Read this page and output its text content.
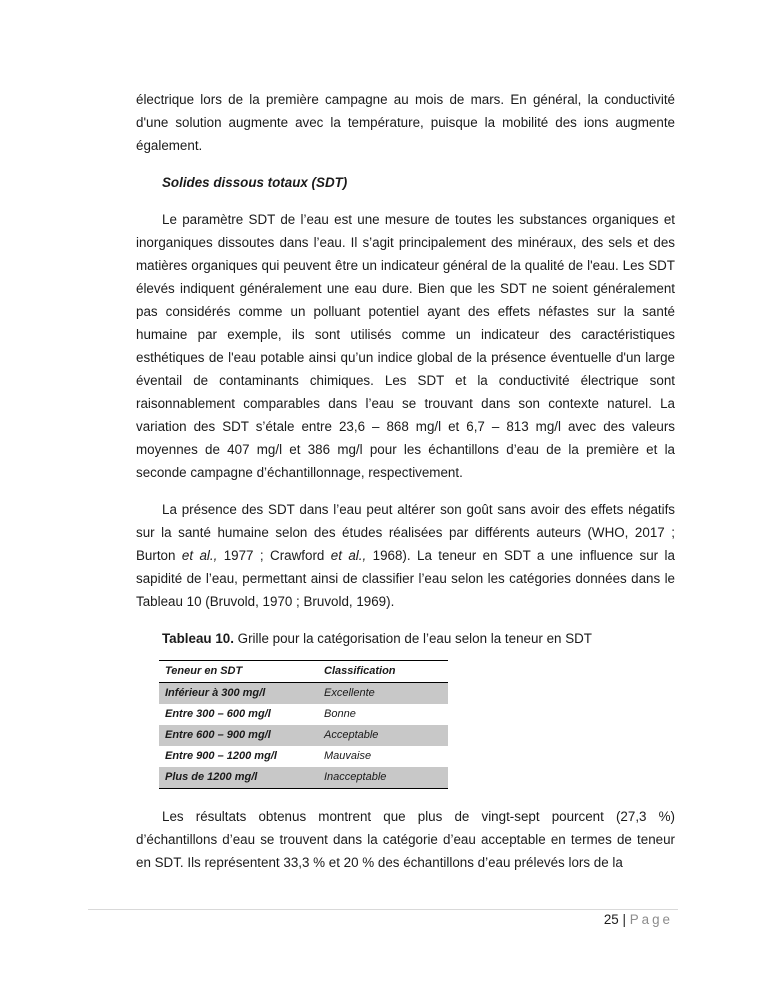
électrique lors de la première campagne au mois de mars. En général, la conductivité d'une solution augmente avec la température, puisque la mobilité des ions augmente également.

Solides dissous totaux (SDT)

Le paramètre SDT de l’eau est une mesure de toutes les substances organiques et inorganiques dissoutes dans l’eau. Il s’agit principalement des minéraux, des sels et des matières organiques qui peuvent être un indicateur général de la qualité de l'eau. Les SDT élevés indiquent généralement une eau dure. Bien que les SDT ne soient généralement pas considérés comme un polluant potentiel ayant des effets néfastes sur la santé humaine par exemple, ils sont utilisés comme un indicateur des caractéristiques esthétiques de l'eau potable ainsi qu’un indice global de la présence éventuelle d'un large éventail de contaminants chimiques. Les SDT et la conductivité électrique sont raisonnablement comparables dans l’eau se trouvant dans son contexte naturel. La variation des SDT s’étale entre 23,6 – 868 mg/l et 6,7 – 813 mg/l avec des valeurs moyennes de 407 mg/l et 386 mg/l pour les échantillons d’eau de la première et la seconde campagne d’échantillonnage, respectivement.

La présence des SDT dans l’eau peut altérer son goût sans avoir des effets négatifs sur la santé humaine selon des études réalisées par différents auteurs (WHO, 2017 ; Burton et al., 1977 ; Crawford et al., 1968). La teneur en SDT a une influence sur la sapidité de l’eau, permettant ainsi de classifier l’eau selon les catégories données dans le Tableau 10 (Bruvold, 1970 ; Bruvold, 1969).

Tableau 10. Grille pour la catégorisation de l’eau selon la teneur en SDT

Teneur en SDT	Classification
Inférieur à 300 mg/l	Excellente
Entre 300 – 600 mg/l	Bonne
Entre 600 – 900 mg/l	Acceptable
Entre 900 – 1200 mg/l	Mauvaise
Plus de 1200 mg/l	Inacceptable

Les résultats obtenus montrent que plus de vingt-sept pourcent (27,3 %) d’échantillons d’eau se trouvent dans la catégorie d’eau acceptable en termes de teneur en SDT. Ils représentent 33,3 % et 20 % des échantillons d’eau prélevés lors de la

25 | Page
